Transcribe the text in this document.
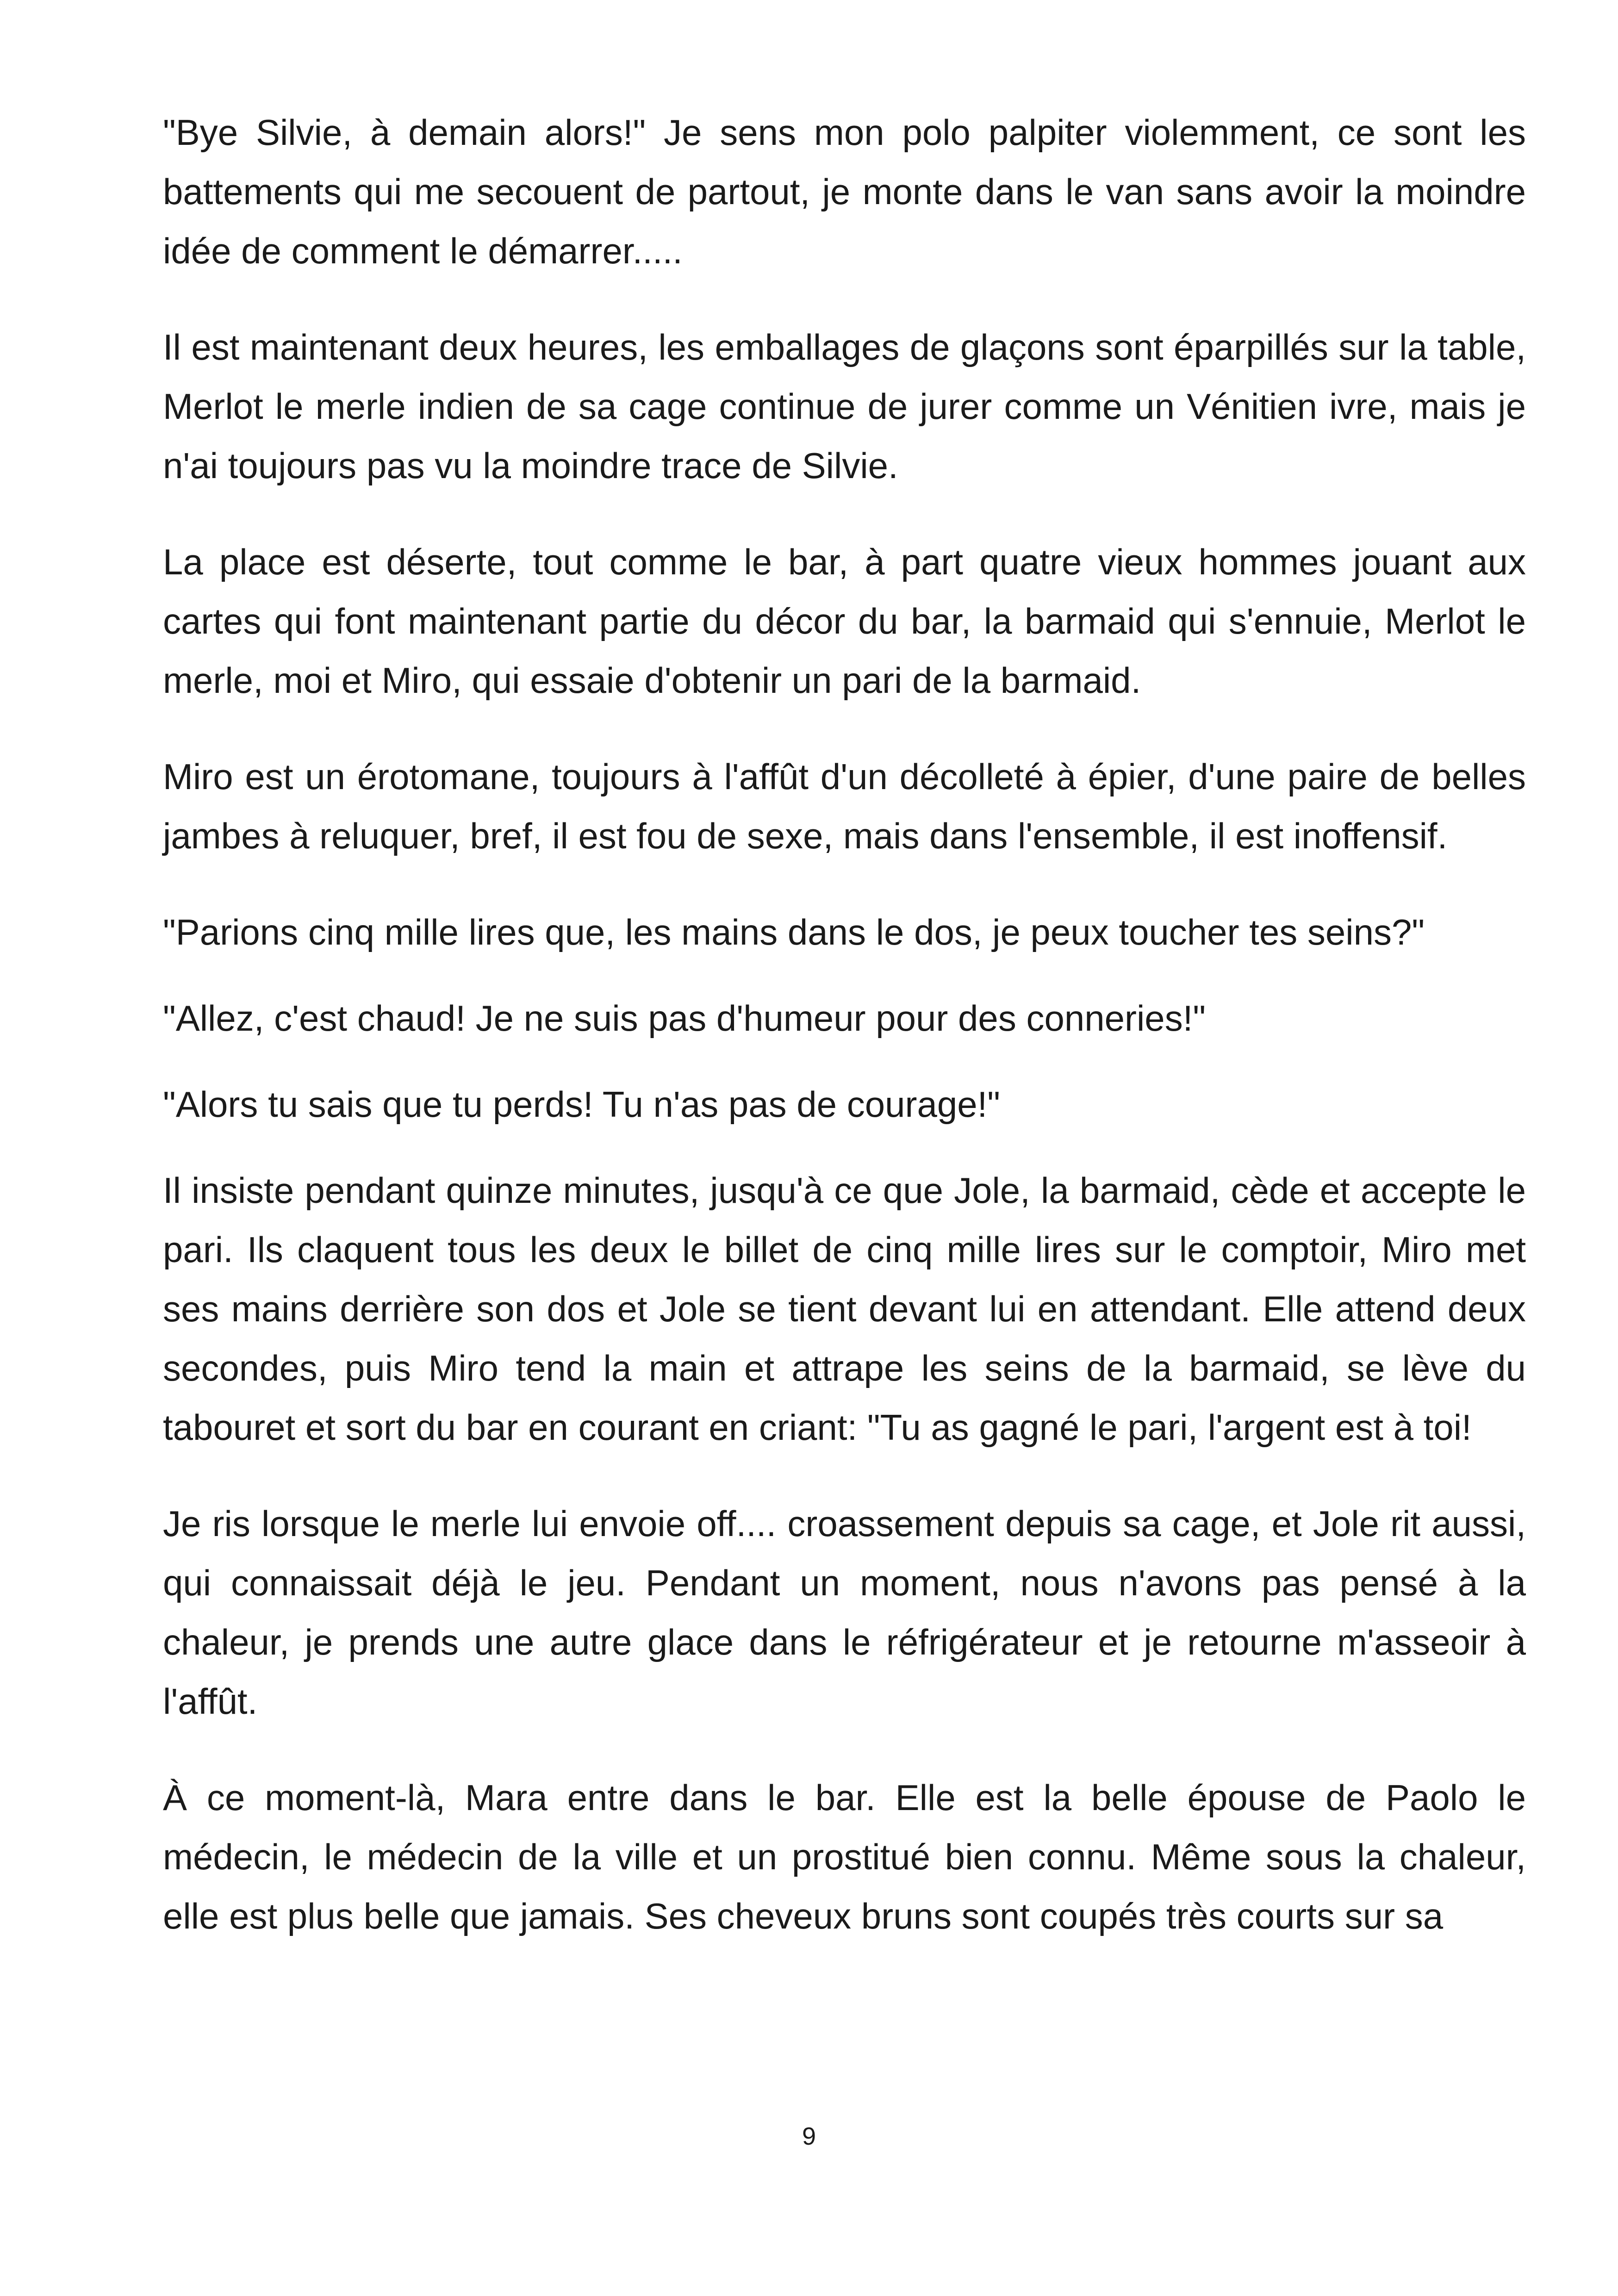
"Bye Silvie, à demain alors!" Je sens mon polo palpiter violemment, ce sont les battements qui me secouent de partout, je monte dans le van sans avoir la moindre idée de comment le démarrer.....

Il est maintenant deux heures, les emballages de glaçons sont éparpillés sur la table, Merlot le merle indien de sa cage continue de jurer comme un Vénitien ivre, mais je n'ai toujours pas vu la moindre trace de Silvie.

La place est déserte, tout comme le bar, à part quatre vieux hommes jouant aux cartes qui font maintenant partie du décor du bar, la barmaid qui s'ennuie, Merlot le merle, moi et Miro, qui essaie d'obtenir un pari de la barmaid.

Miro est un érotomane, toujours à l'affût d'un décolleté à épier, d'une paire de belles jambes à reluquer, bref, il est fou de sexe, mais dans l'ensemble, il est inoffensif.

"Parions cinq mille lires que, les mains dans le dos, je peux toucher tes seins?"

"Allez, c'est chaud! Je ne suis pas d'humeur pour des conneries!"

"Alors tu sais que tu perds! Tu n'as pas de courage!"

Il insiste pendant quinze minutes, jusqu'à ce que Jole, la barmaid, cède et accepte le pari. Ils claquent tous les deux le billet de cinq mille lires sur le comptoir, Miro met ses mains derrière son dos et Jole se tient devant lui en attendant. Elle attend deux secondes, puis Miro tend la main et attrape les seins de la barmaid, se lève du tabouret et sort du bar en courant en criant: "Tu as gagné le pari, l'argent est à toi!

Je ris lorsque le merle lui envoie off.... croassement depuis sa cage, et Jole rit aussi, qui connaissait déjà le jeu. Pendant un moment, nous n'avons pas pensé à la chaleur, je prends une autre glace dans le réfrigérateur et je retourne m'asseoir à l'affût.

À ce moment-là, Mara entre dans le bar. Elle est la belle épouse de Paolo le médecin, le médecin de la ville et un prostitué bien connu. Même sous la chaleur, elle est plus belle que jamais. Ses cheveux bruns sont coupés très courts sur sa

9
